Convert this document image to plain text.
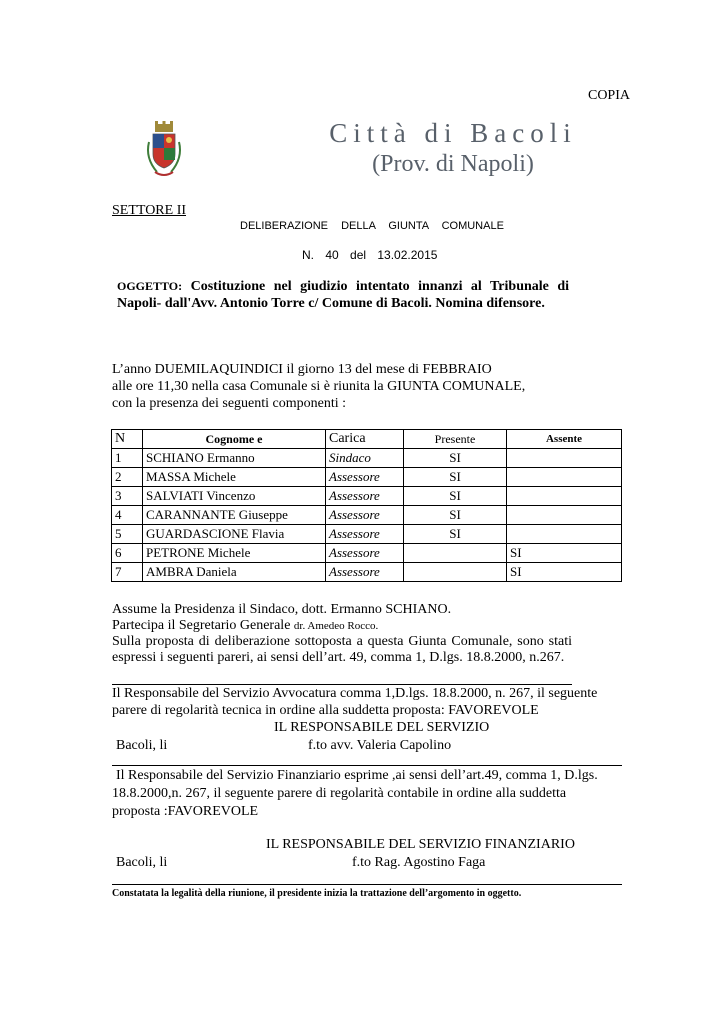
COPIA
Città di Bacoli
(Prov. di Napoli)
SETTORE II
DELIBERAZIONE DELLA GIUNTA COMUNALE
N. 40 del 13.02.2015
OGGETTO: Costituzione nel giudizio intentato innanzi al Tribunale di Napoli- dall'Avv. Antonio Torre c/ Comune di Bacoli. Nomina difensore.
L’anno DUEMILAQUINDICI il giorno 13 del mese di FEBBRAIO
alle ore 11,30 nella casa Comunale si è riunita la GIUNTA COMUNALE,
con la presenza dei seguenti componenti :
N	Cognome e	Carica	Presente	Assente
1	SCHIANO Ermanno	Sindaco	SI	
2	MASSA Michele	Assessore	SI	
3	SALVIATI Vincenzo	Assessore	SI	
4	CARANNANTE Giuseppe	Assessore	SI	
5	GUARDASCIONE Flavia	Assessore	SI	
6	PETRONE Michele	Assessore		SI
7	AMBRA Daniela	Assessore		SI
Assume la Presidenza il Sindaco, dott. Ermanno SCHIANO.
Partecipa il Segretario Generale dr. Amedeo Rocco.
Sulla proposta di deliberazione sottoposta a questa Giunta Comunale, sono stati espressi i seguenti pareri, ai sensi dell’art. 49, comma 1, D.lgs. 18.8.2000, n.267.
Il Responsabile del Servizio Avvocatura comma 1,D.lgs. 18.8.2000, n. 267, il seguente
parere di regolarità tecnica in ordine alla suddetta proposta: FAVOREVOLE
IL RESPONSABILE DEL SERVIZIO
Bacoli, li	f.to avv. Valeria Capolino
Il Responsabile del Servizio Finanziario esprime ,ai sensi dell’art.49, comma 1, D.lgs.
18.8.2000,n. 267, il seguente parere di regolarità contabile in ordine alla suddetta
proposta :FAVOREVOLE
IL RESPONSABILE DEL SERVIZIO FINANZIARIO
Bacoli, li	f.to Rag. Agostino Faga
Constatata la legalità della riunione, il presidente inizia la trattazione dell’argomento in oggetto.
